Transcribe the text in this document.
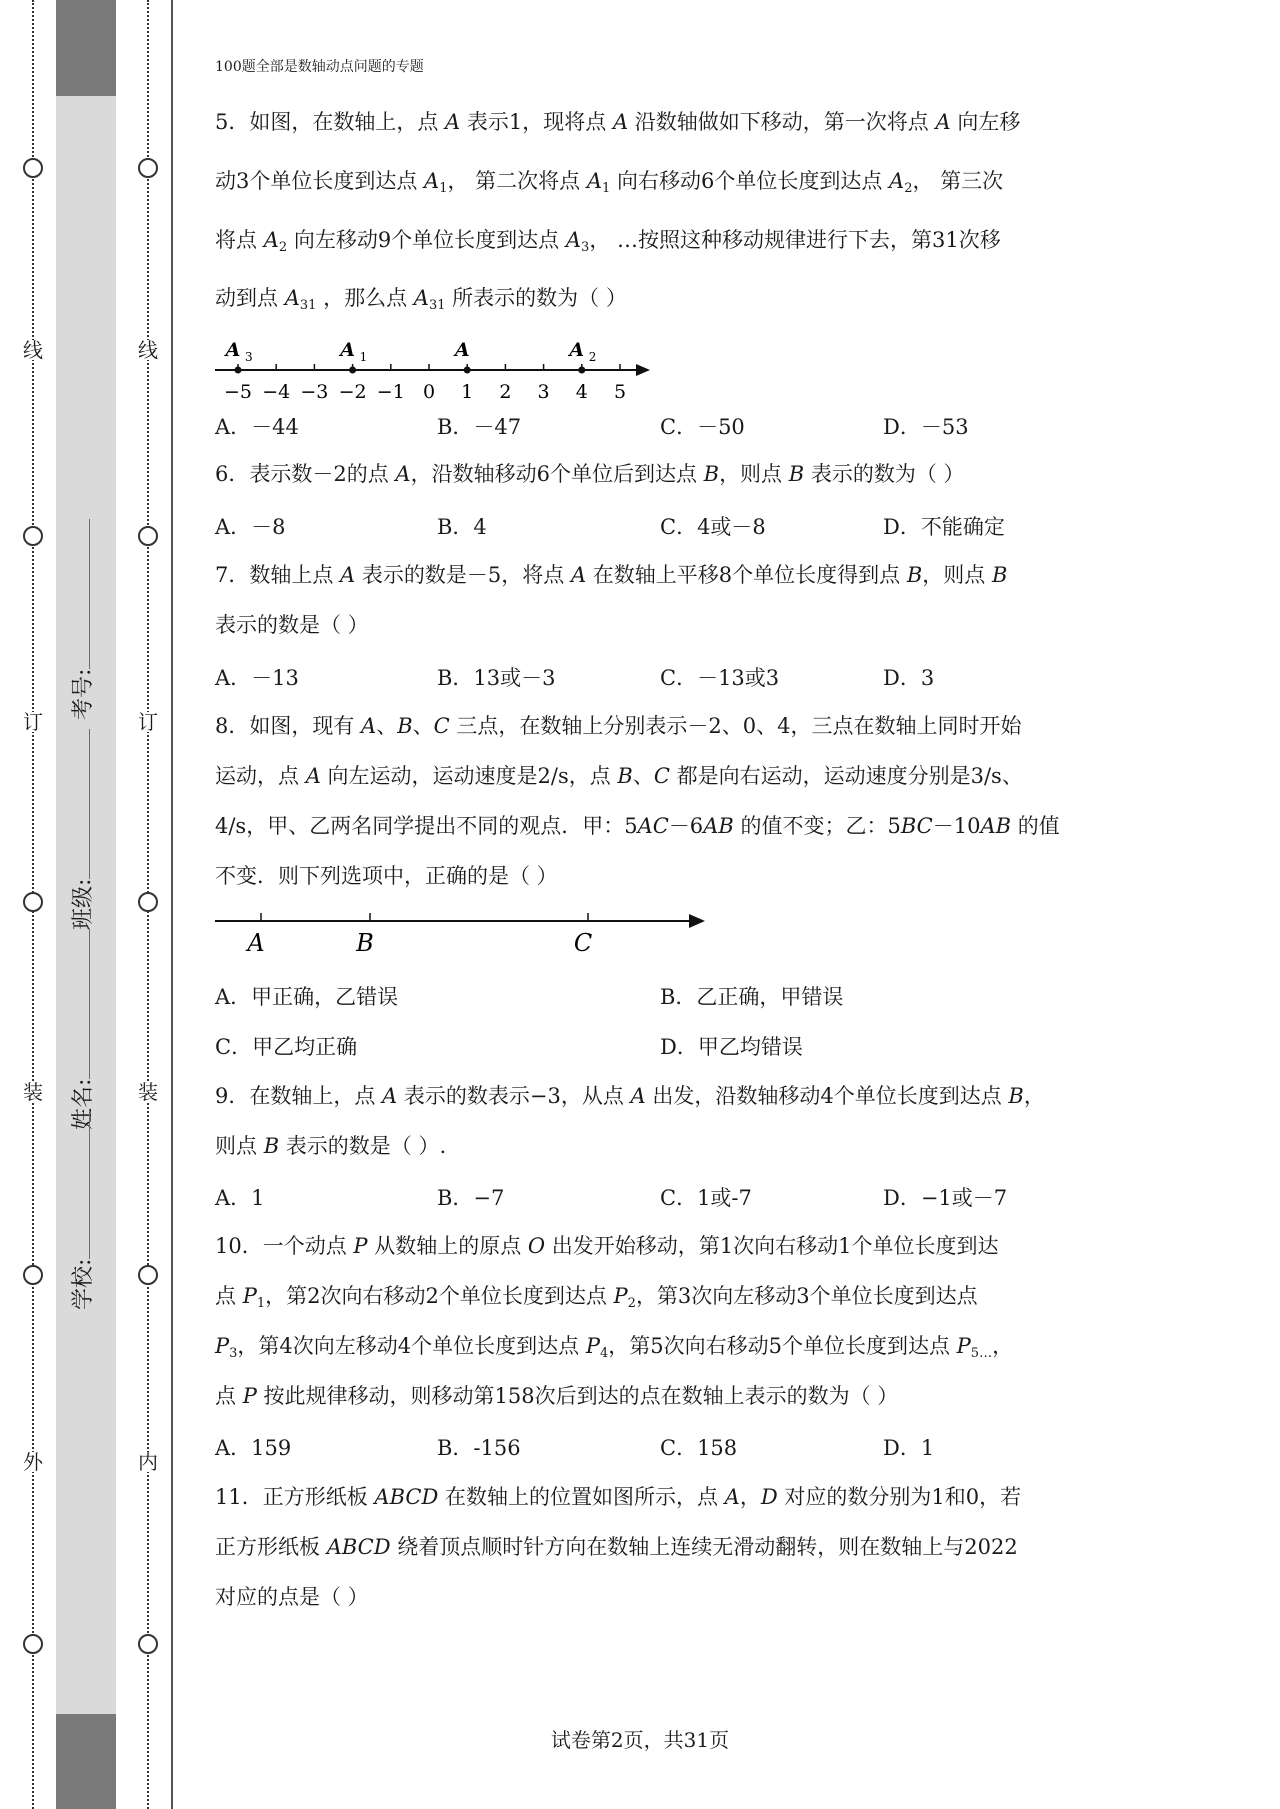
线
订
装
外
考号:
班级:
姓名:
学校:
线
订
装
内
100题全部是数轴动点问题的专题
5．如图，在数轴上，点 A 表示1，现将点 A 沿数轴做如下移动，第一次将点 A 向左移
动3个单位长度到达点 $A_1$， 第二次将点 $A_1$ 向右移动6个单位长度到达点 $A_2$， 第三次
将点 $A_2$ 向左移动9个单位长度到达点 $A_3$， …按照这种移动规律进行下去，第31次移
动到点 $A_{31}$ ，那么点 $A_{31}$ 所表示的数为（ ）
−5 −4 −3 −2 −1 0 1 2 3 4 5
A 3	A 1	A	A 2
A．－44	B．－47	C．－50	D．－53
6．表示数－2的点 A，沿数轴移动6个单位后到达点 B，则点 B 表示的数为（ ）
A．－8	B．4	C．4或－8	D．不能确定
7．数轴上点 A 表示的数是－5，将点 A 在数轴上平移8个单位长度得到点 B，则点 B
表示的数是（ ）
A．－13	B．13或－3	C．－13或3	D．3
8．如图，现有 A、B、C 三点，在数轴上分别表示－2、0、4，三点在数轴上同时开始
运动，点 A 向左运动，运动速度是2/s，点 B、C 都是向右运动，运动速度分别是3/s、
4/s，甲、乙两名同学提出不同的观点．甲：5AC－6AB 的值不变；乙：5BC－10AB 的值
不变．则下列选项中，正确的是（ ）
A	B	C
A．甲正确，乙错误	B．乙正确，甲错误
C．甲乙均正确	D．甲乙均错误
9．在数轴上，点 A 表示的数表示−3，从点 A 出发，沿数轴移动4个单位长度到达点 B，
则点 B 表示的数是（ ）.
A．1	B．−7	C．1或-7	D．−1或－7
10．一个动点 P 从数轴上的原点 O 出发开始移动，第1次向右移动1个单位长度到达
点 $P_1$，第2次向右移动2个单位长度到达点 $P_2$，第3次向左移动3个单位长度到达点
$P_3$，第4次向左移动4个单位长度到达点 $P_4$，第5次向右移动5个单位长度到达点 $P_{5\dots}$，
点 P 按此规律移动，则移动第158次后到达的点在数轴上表示的数为（ ）
A．159	B．-156	C．158	D．1
11．正方形纸板 ABCD 在数轴上的位置如图所示，点 A，D 对应的数分别为1和0，若
正方形纸板 ABCD 绕着顶点顺时针方向在数轴上连续无滑动翻转，则在数轴上与2022
对应的点是（ ）
试卷第2页，共31页
